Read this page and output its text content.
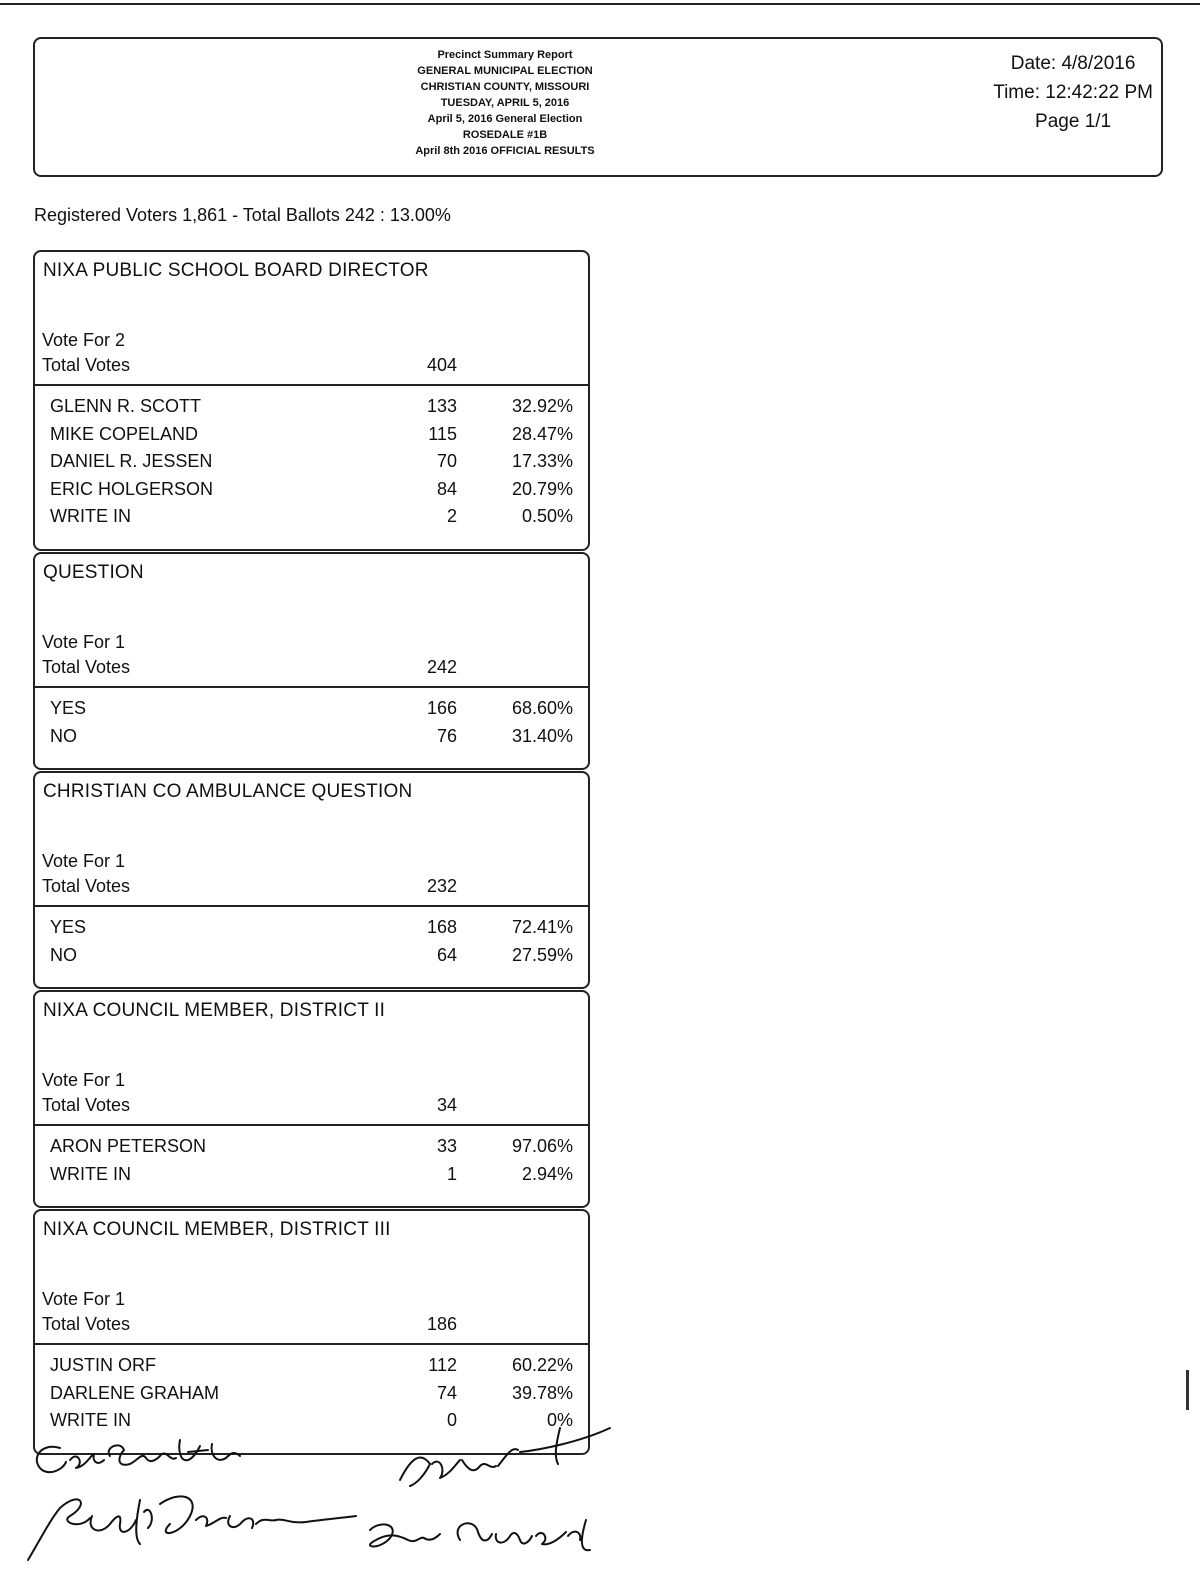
Precinct Summary Report
GENERAL MUNICIPAL ELECTION
CHRISTIAN COUNTY, MISSOURI
TUESDAY, APRIL 5, 2016
April 5, 2016 General Election
ROSEDALE #1B
April 8th 2016 OFFICIAL RESULTS
Date: 4/8/2016
Time: 12:42:22 PM
Page 1/1
Registered Voters 1,861 - Total Ballots 242 : 13.00%
NIXA PUBLIC SCHOOL BOARD DIRECTOR
Vote For 2
Total Votes	404
GLENN R. SCOTT	133	32.92%
MIKE COPELAND	115	28.47%
DANIEL R. JESSEN	70	17.33%
ERIC HOLGERSON	84	20.79%
WRITE IN	2	0.50%
QUESTION
Vote For 1
Total Votes	242
YES	166	68.60%
NO	76	31.40%
CHRISTIAN CO AMBULANCE QUESTION
Vote For 1
Total Votes	232
YES	168	72.41%
NO	64	27.59%
NIXA COUNCIL MEMBER, DISTRICT II
Vote For 1
Total Votes	34
ARON PETERSON	33	97.06%
WRITE IN	1	2.94%
NIXA COUNCIL MEMBER, DISTRICT III
Vote For 1
Total Votes	186
JUSTIN ORF	112	60.22%
DARLENE GRAHAM	74	39.78%
WRITE IN	0	0%
